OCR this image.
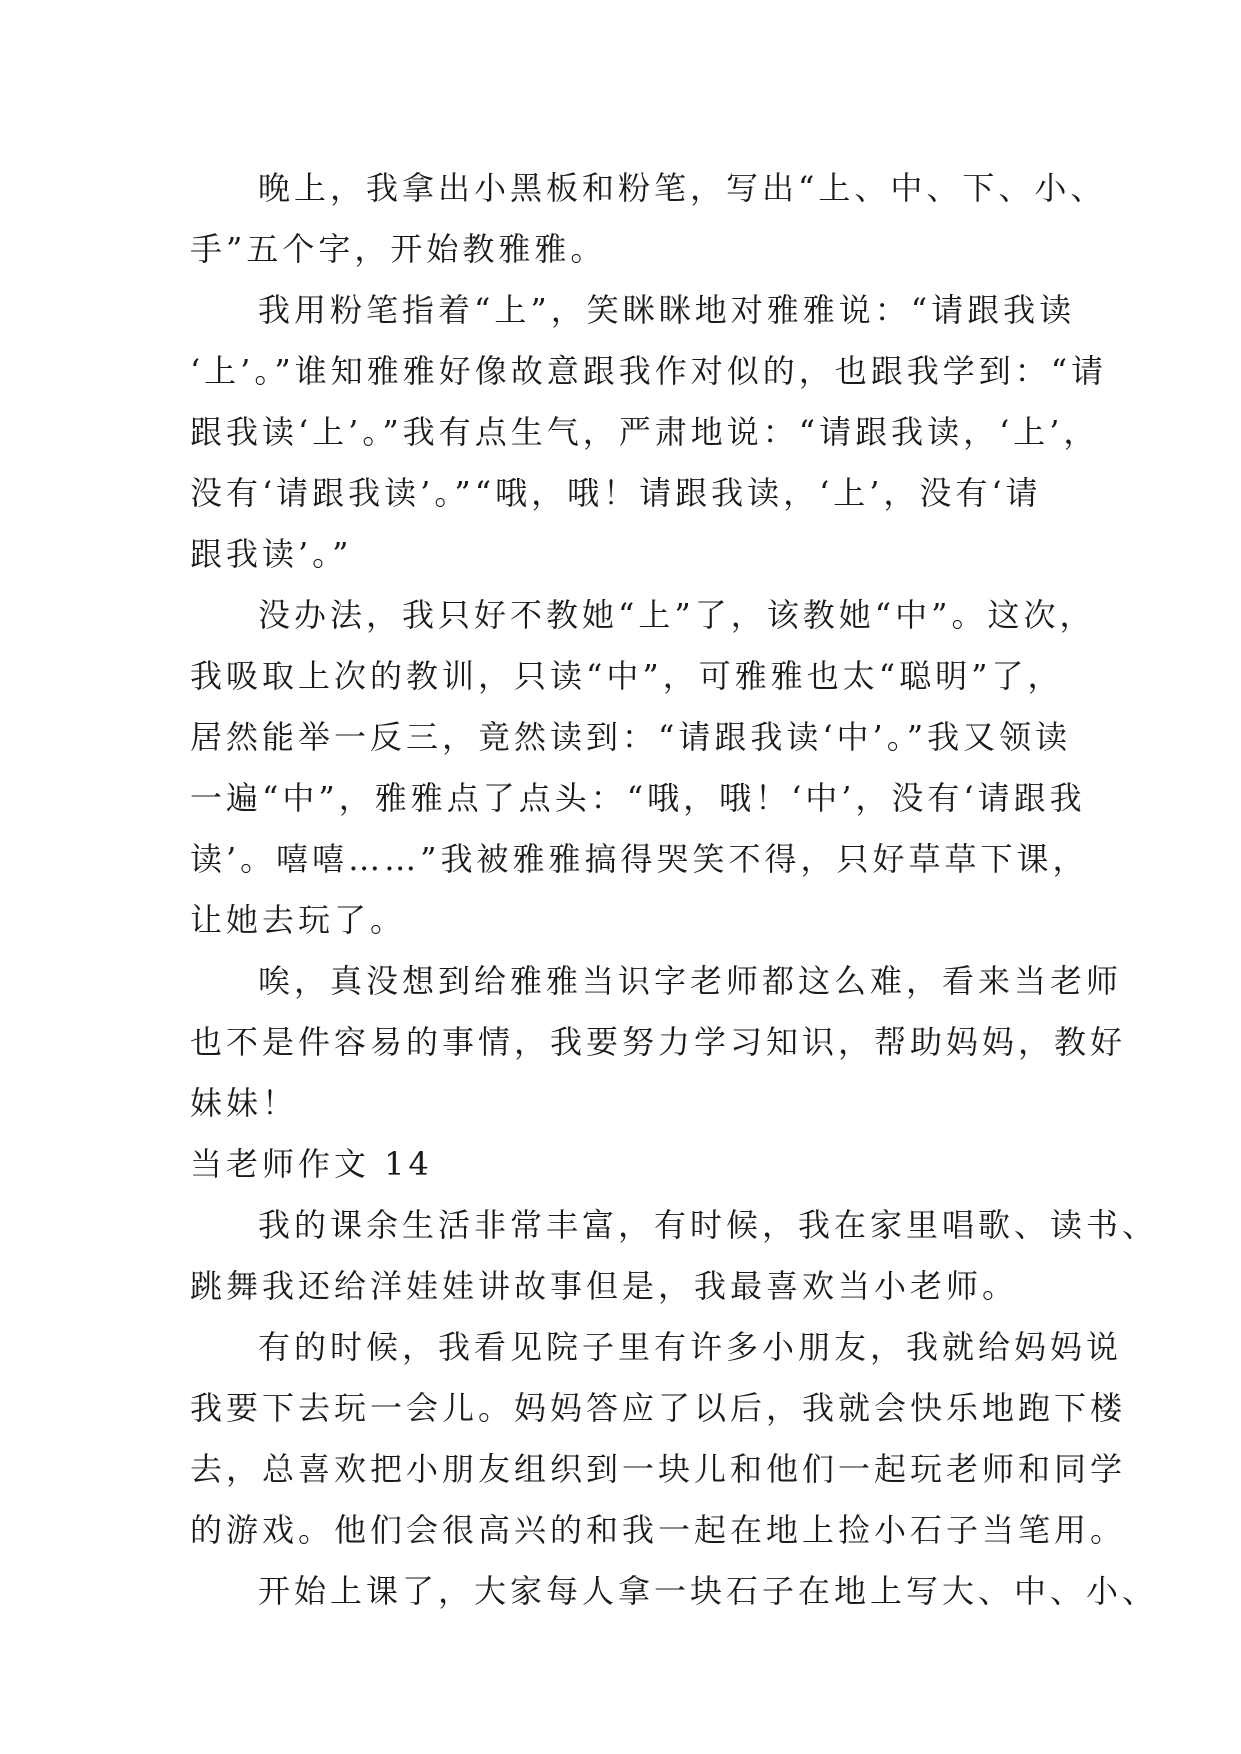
晚上，我拿出小黑板和粉笔，写出“上、中、下、小、
手”五个字，开始教雅雅。
我用粉笔指着“上”，笑眯眯地对雅雅说：“请跟我读
‘上’。”谁知雅雅好像故意跟我作对似的，也跟我学到：“请
跟我读‘上’。”我有点生气，严肃地说：“请跟我读，‘上’，
没有‘请跟我读’。”“哦，哦！请跟我读，‘上’，没有‘请
跟我读’。”
没办法，我只好不教她“上”了，该教她“中”。这次，
我吸取上次的教训，只读“中”，可雅雅也太“聪明”了，
居然能举一反三，竟然读到：“请跟我读‘中’。”我又领读
一遍“中”，雅雅点了点头：“哦，哦！‘中’，没有‘请跟我
读’。嘻嘻……”我被雅雅搞得哭笑不得，只好草草下课，
让她去玩了。
唉，真没想到给雅雅当识字老师都这么难，看来当老师
也不是件容易的事情，我要努力学习知识，帮助妈妈，教好
妹妹！
当老师作文 14
我的课余生活非常丰富，有时候，我在家里唱歌、读书、
跳舞我还给洋娃娃讲故事但是，我最喜欢当小老师。
有的时候，我看见院子里有许多小朋友，我就给妈妈说
我要下去玩一会儿。妈妈答应了以后，我就会快乐地跑下楼
去，总喜欢把小朋友组织到一块儿和他们一起玩老师和同学
的游戏。他们会很高兴的和我一起在地上捡小石子当笔用。
开始上课了，大家每人拿一块石子在地上写大、中、小、
